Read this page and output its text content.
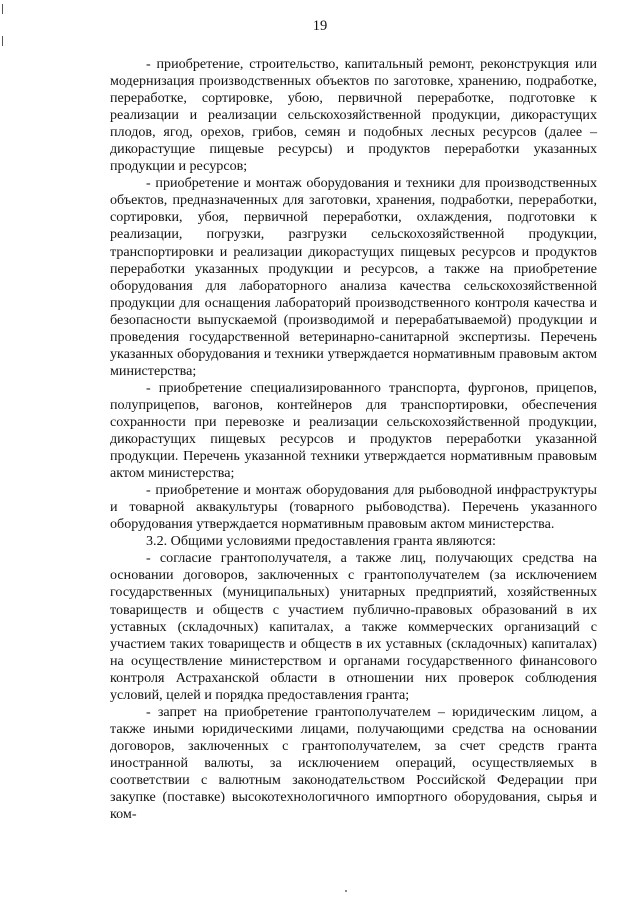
19

- приобретение, строительство, капитальный ремонт, реконструкция или модернизация производственных объектов по заготовке, хранению, подработке, переработке, сортировке, убою, первичной переработке, подготовке к реализации и реализации сельскохозяйственной продукции, дикорастущих плодов, ягод, орехов, грибов, семян и подобных лесных ресурсов (далее – дикорастущие пищевые ресурсы) и продуктов переработки указанных продукции и ресурсов;

- приобретение и монтаж оборудования и техники для производственных объектов, предназначенных для заготовки, хранения, подработки, переработки, сортировки, убоя, первичной переработки, охлаждения, подготовки к реализации, погрузки, разгрузки сельскохозяйственной продукции, транспортировки и реализации дикорастущих пищевых ресурсов и продуктов переработки указанных продукции и ресурсов, а также на приобретение оборудования для лабораторного анализа качества сельскохозяйственной продукции для оснащения лабораторий производственного контроля качества и безопасности выпускаемой (производимой и перерабатываемой) продукции и проведения государственной ветеринарно-санитарной экспертизы. Перечень указанных оборудования и техники утверждается нормативным правовым актом министерства;

- приобретение специализированного транспорта, фургонов, прицепов, полуприцепов, вагонов, контейнеров для транспортировки, обеспечения сохранности при перевозке и реализации сельскохозяйственной продукции, дикорастущих пищевых ресурсов и продуктов переработки указанной продукции. Перечень указанной техники утверждается нормативным правовым актом министерства;

- приобретение и монтаж оборудования для рыбоводной инфраструктуры и товарной аквакультуры (товарного рыбоводства). Перечень указанного оборудования утверждается нормативным правовым актом министерства.

3.2. Общими условиями предоставления гранта являются:

- согласие грантополучателя, а также лиц, получающих средства на основании договоров, заключенных с грантополучателем (за исключением государственных (муниципальных) унитарных предприятий, хозяйственных товариществ и обществ с участием публично-правовых образований в их уставных (складочных) капиталах, а также коммерческих организаций с участием таких товариществ и обществ в их уставных (складочных) капиталах) на осуществление министерством и органами государственного финансового контроля Астраханской области в отношении них проверок соблюдения условий, целей и порядка предоставления гранта;

- запрет на приобретение грантополучателем – юридическим лицом, а также иными юридическими лицами, получающими средства на основании договоров, заключенных с грантополучателем, за счет средств гранта иностранной валюты, за исключением операций, осуществляемых в соответствии с валютным законодательством Российской Федерации при закупке (поставке) высокотехнологичного импортного оборудования, сырья и ком-
